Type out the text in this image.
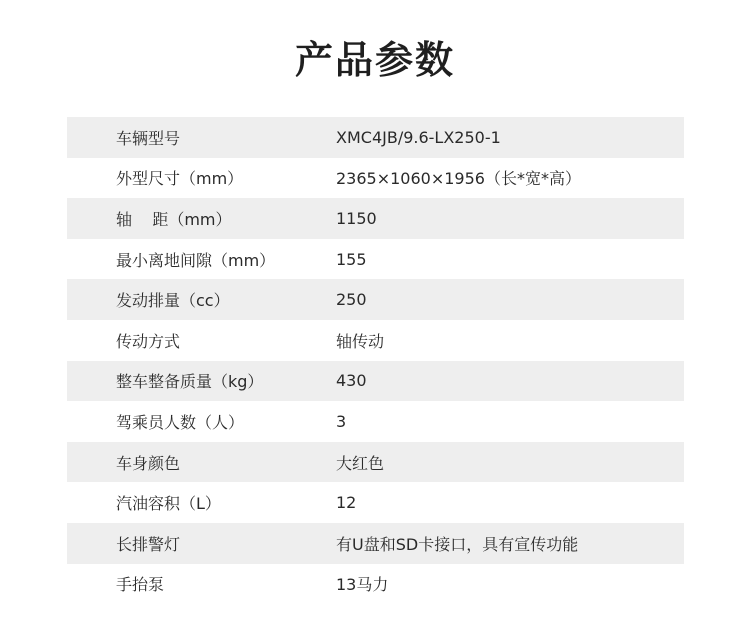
产品参数
车辆型号	XMC4JB/9.6-LX250-1
外型尺寸（mm）	2365×1060×1956（长*宽*高）
轴    距（mm）	1150
最小离地间隙（mm）	155
发动排量（cc）	250
传动方式	轴传动
整车整备质量（kg）	430
驾乘员人数（人）	3
车身颜色	大红色
汽油容积（L）	12
长排警灯	有U盘和SD卡接口，具有宣传功能
手抬泵	13马力
